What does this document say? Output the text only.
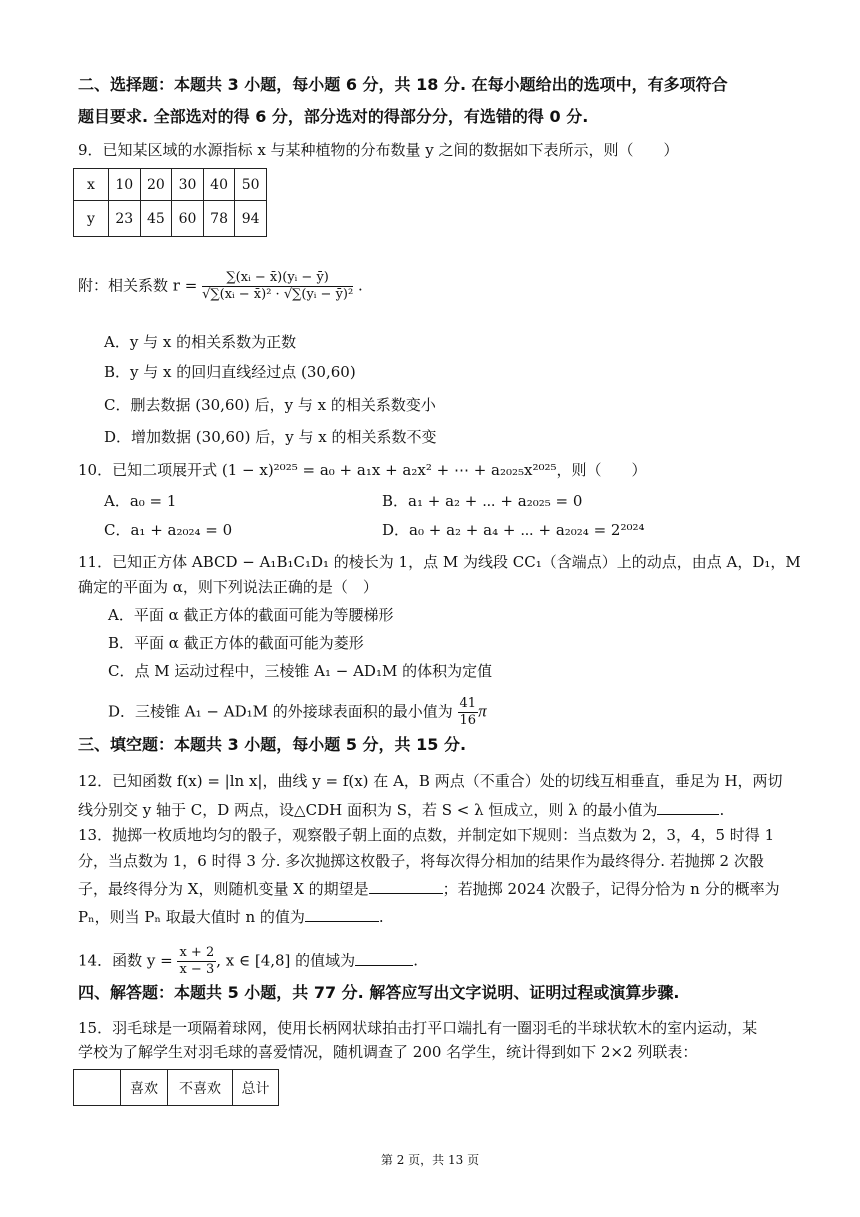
二、选择题：本题共 3 小题，每小题 6 分，共 18 分. 在每小题给出的选项中，有多项符合
题目要求. 全部选对的得 6 分，部分选对的得部分分，有选错的得 0 分.
9．已知某区域的水源指标 x 与某种植物的分布数量 y 之间的数据如下表所示，则（　　）
x	10	20	30	40	50
y	23	45	60	78	94
附：相关系数 $r = \frac{\text{∑(xᵢ − x̄)(yᵢ − ȳ)}}{\text{√∑(xᵢ − x̄)² · √∑(yᵢ − ȳ)²}}$ .
A．y 与 x 的相关系数为正数
B．y 与 x 的回归直线经过点 (30,60)
C．删去数据 (30,60) 后，y 与 x 的相关系数变小
D．增加数据 (30,60) 后，y 与 x 的相关系数不变
10．已知二项展开式 (1 − x)²⁰²⁵ = a₀ + a₁x + a₂x² + ⋯ + a₂₀₂₅x²⁰²⁵，则（　　）
A．a₀ = 1	B．a₁ + a₂ + ⋯ + a₂₀₂₅ = 0
C．a₁ + a₂₀₂₄ = 0	D．a₀ + a₂ + a₄ + ⋯ + a₂₀₂₄ = 2²⁰²⁴
11．已知正方体 ABCD − A₁B₁C₁D₁ 的棱长为 1，点 M 为线段 CC₁（含端点）上的动点，由点 A，D₁，M
确定的平面为 α，则下列说法正确的是（　）
A．平面 α 截正方体的截面可能为等腰梯形
B．平面 α 截正方体的截面可能为菱形
C．点 M 运动过程中，三棱锥 A₁ − AD₁M 的体积为定值
D．三棱锥 A₁ − AD₁M 的外接球表面积的最小值为 $\frac{41}{16}$ π
三、填空题：本题共 3 小题，每小题 5 分，共 15 分.
12．已知函数 f(x) = |ln x|，曲线 y = f(x) 在 A，B 两点（不重合）处的切线互相垂直，垂足为 H，两切
线分别交 y 轴于 C，D 两点，设△CDH 面积为 S，若 S < λ 恒成立，则 λ 的最小值为	.
13．抛掷一枚质地均匀的骰子，观察骰子朝上面的点数，并制定如下规则：当点数为 2，3，4，5 时得 1
分，当点数为 1，6 时得 3 分. 多次抛掷这枚骰子，将每次得分相加的结果作为最终得分. 若抛掷 2 次骰
子，最终得分为 X，则随机变量 X 的期望是	；若抛掷 2024 次骰子，记得分恰为 n 分的概率为
Pₙ，则当 Pₙ 取最大值时 n 的值为	.
14．函数 $y = \frac{x + 2}{x - 3}$ , x ∈ [4,8] 的值域为	.
四、解答题：本题共 5 小题，共 77 分. 解答应写出文字说明、证明过程或演算步骤.
15．羽毛球是一项隔着球网，使用长柄网状球拍击打平口端扎有一圈羽毛的半球状软木的室内运动，某
学校为了解学生对羽毛球的喜爱情况，随机调查了 200 名学生，统计得到如下 2×2 列联表：
	喜欢	不喜欢	总计
第 2 页，共 13 页
